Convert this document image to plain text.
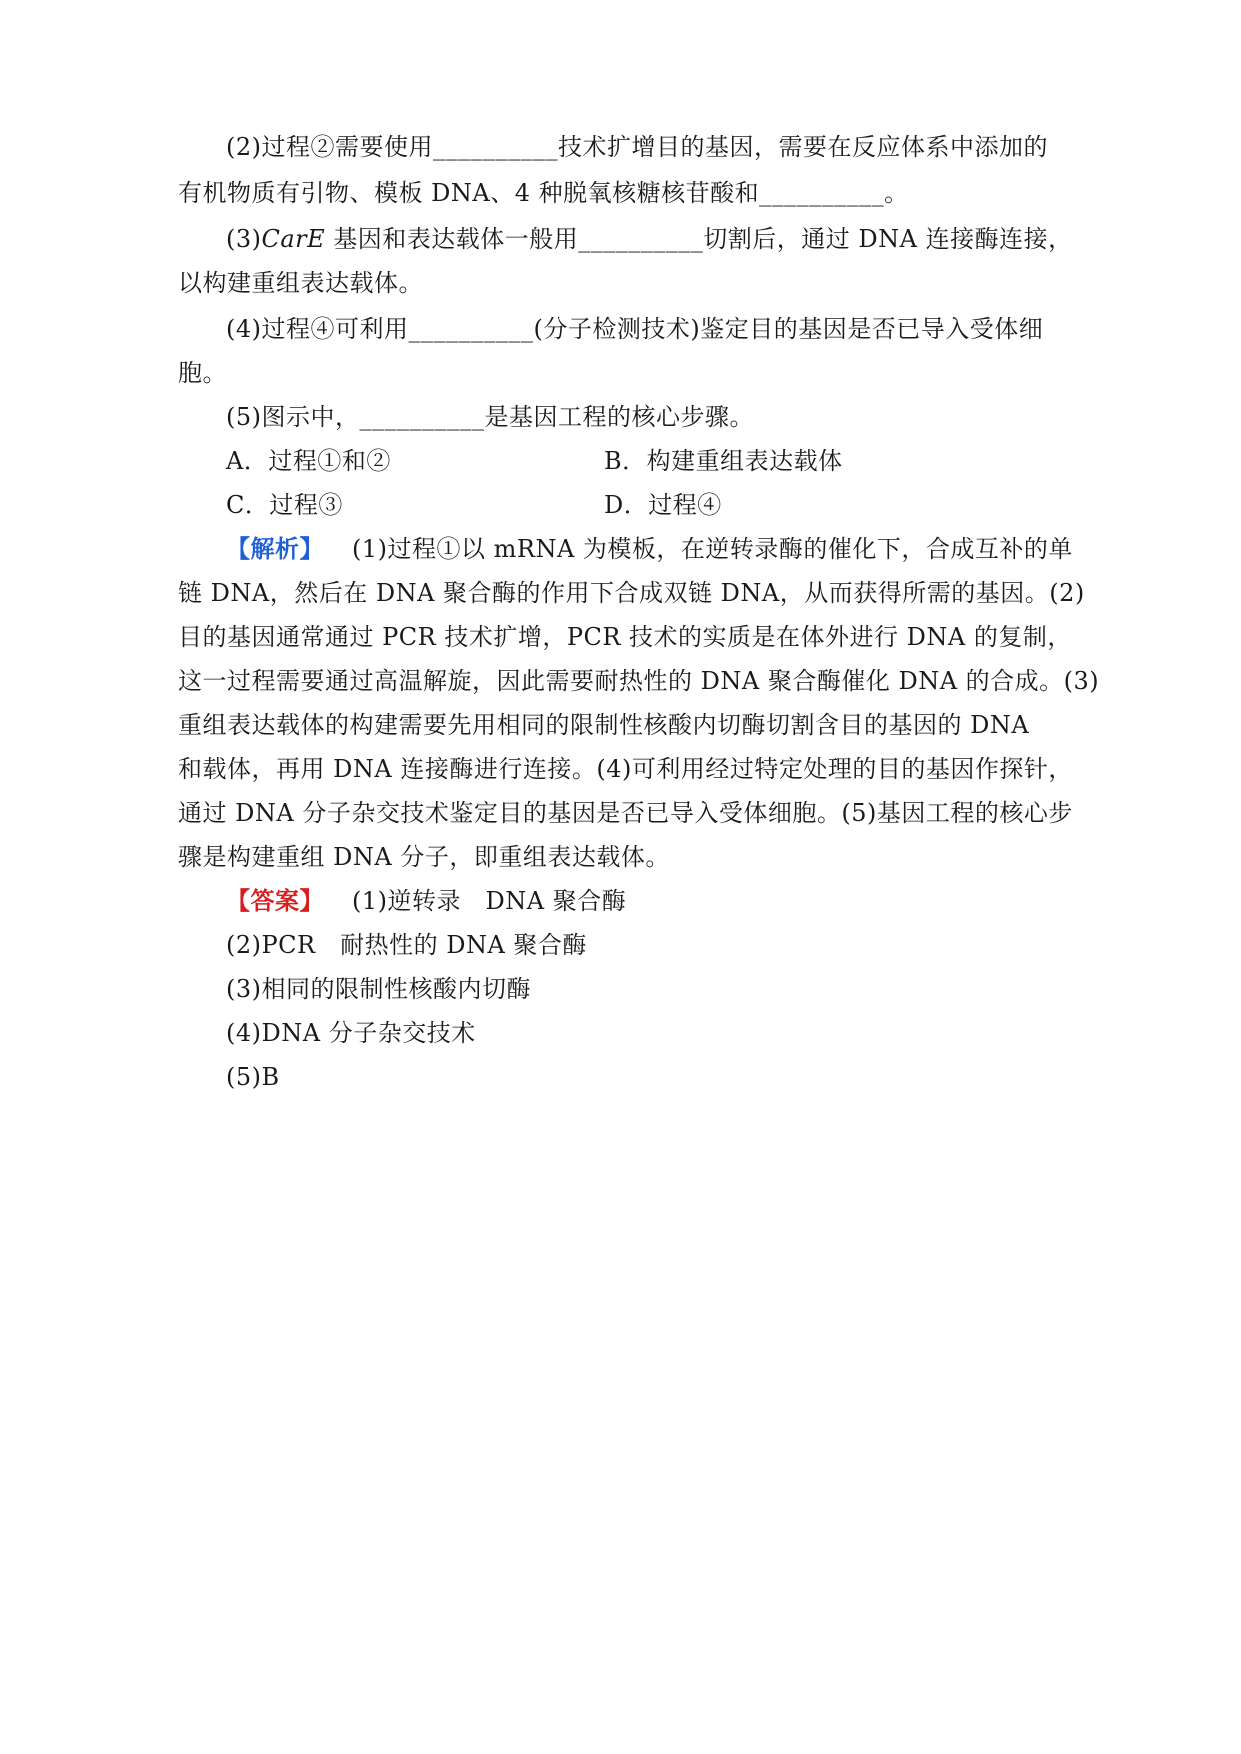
(2)过程②需要使用__________技术扩增目的基因，需要在反应体系中添加的
有机物质有引物、模板 DNA、4 种脱氧核糖核苷酸和__________。
(3)CarE 基因和表达载体一般用__________切割后，通过 DNA 连接酶连接，
以构建重组表达载体。
(4)过程④可利用__________(分子检测技术)鉴定目的基因是否已导入受体细
胞。
(5)图示中，__________是基因工程的核心步骤。
A．过程①和②	B．构建重组表达载体
C．过程③	D．过程④
【解析】 (1)过程①以 mRNA 为模板，在逆转录酶的催化下，合成互补的单
链 DNA，然后在 DNA 聚合酶的作用下合成双链 DNA，从而获得所需的基因。(2)
目的基因通常通过 PCR 技术扩增，PCR 技术的实质是在体外进行 DNA 的复制，
这一过程需要通过高温解旋，因此需要耐热性的 DNA 聚合酶催化 DNA 的合成。(3)
重组表达载体的构建需要先用相同的限制性核酸内切酶切割含目的基因的 DNA
和载体，再用 DNA 连接酶进行连接。(4)可利用经过特定处理的目的基因作探针，
通过 DNA 分子杂交技术鉴定目的基因是否已导入受体细胞。(5)基因工程的核心步
骤是构建重组 DNA 分子，即重组表达载体。
【答案】 (1)逆转录　DNA 聚合酶
(2)PCR　耐热性的 DNA 聚合酶
(3)相同的限制性核酸内切酶
(4)DNA 分子杂交技术
(5)B
